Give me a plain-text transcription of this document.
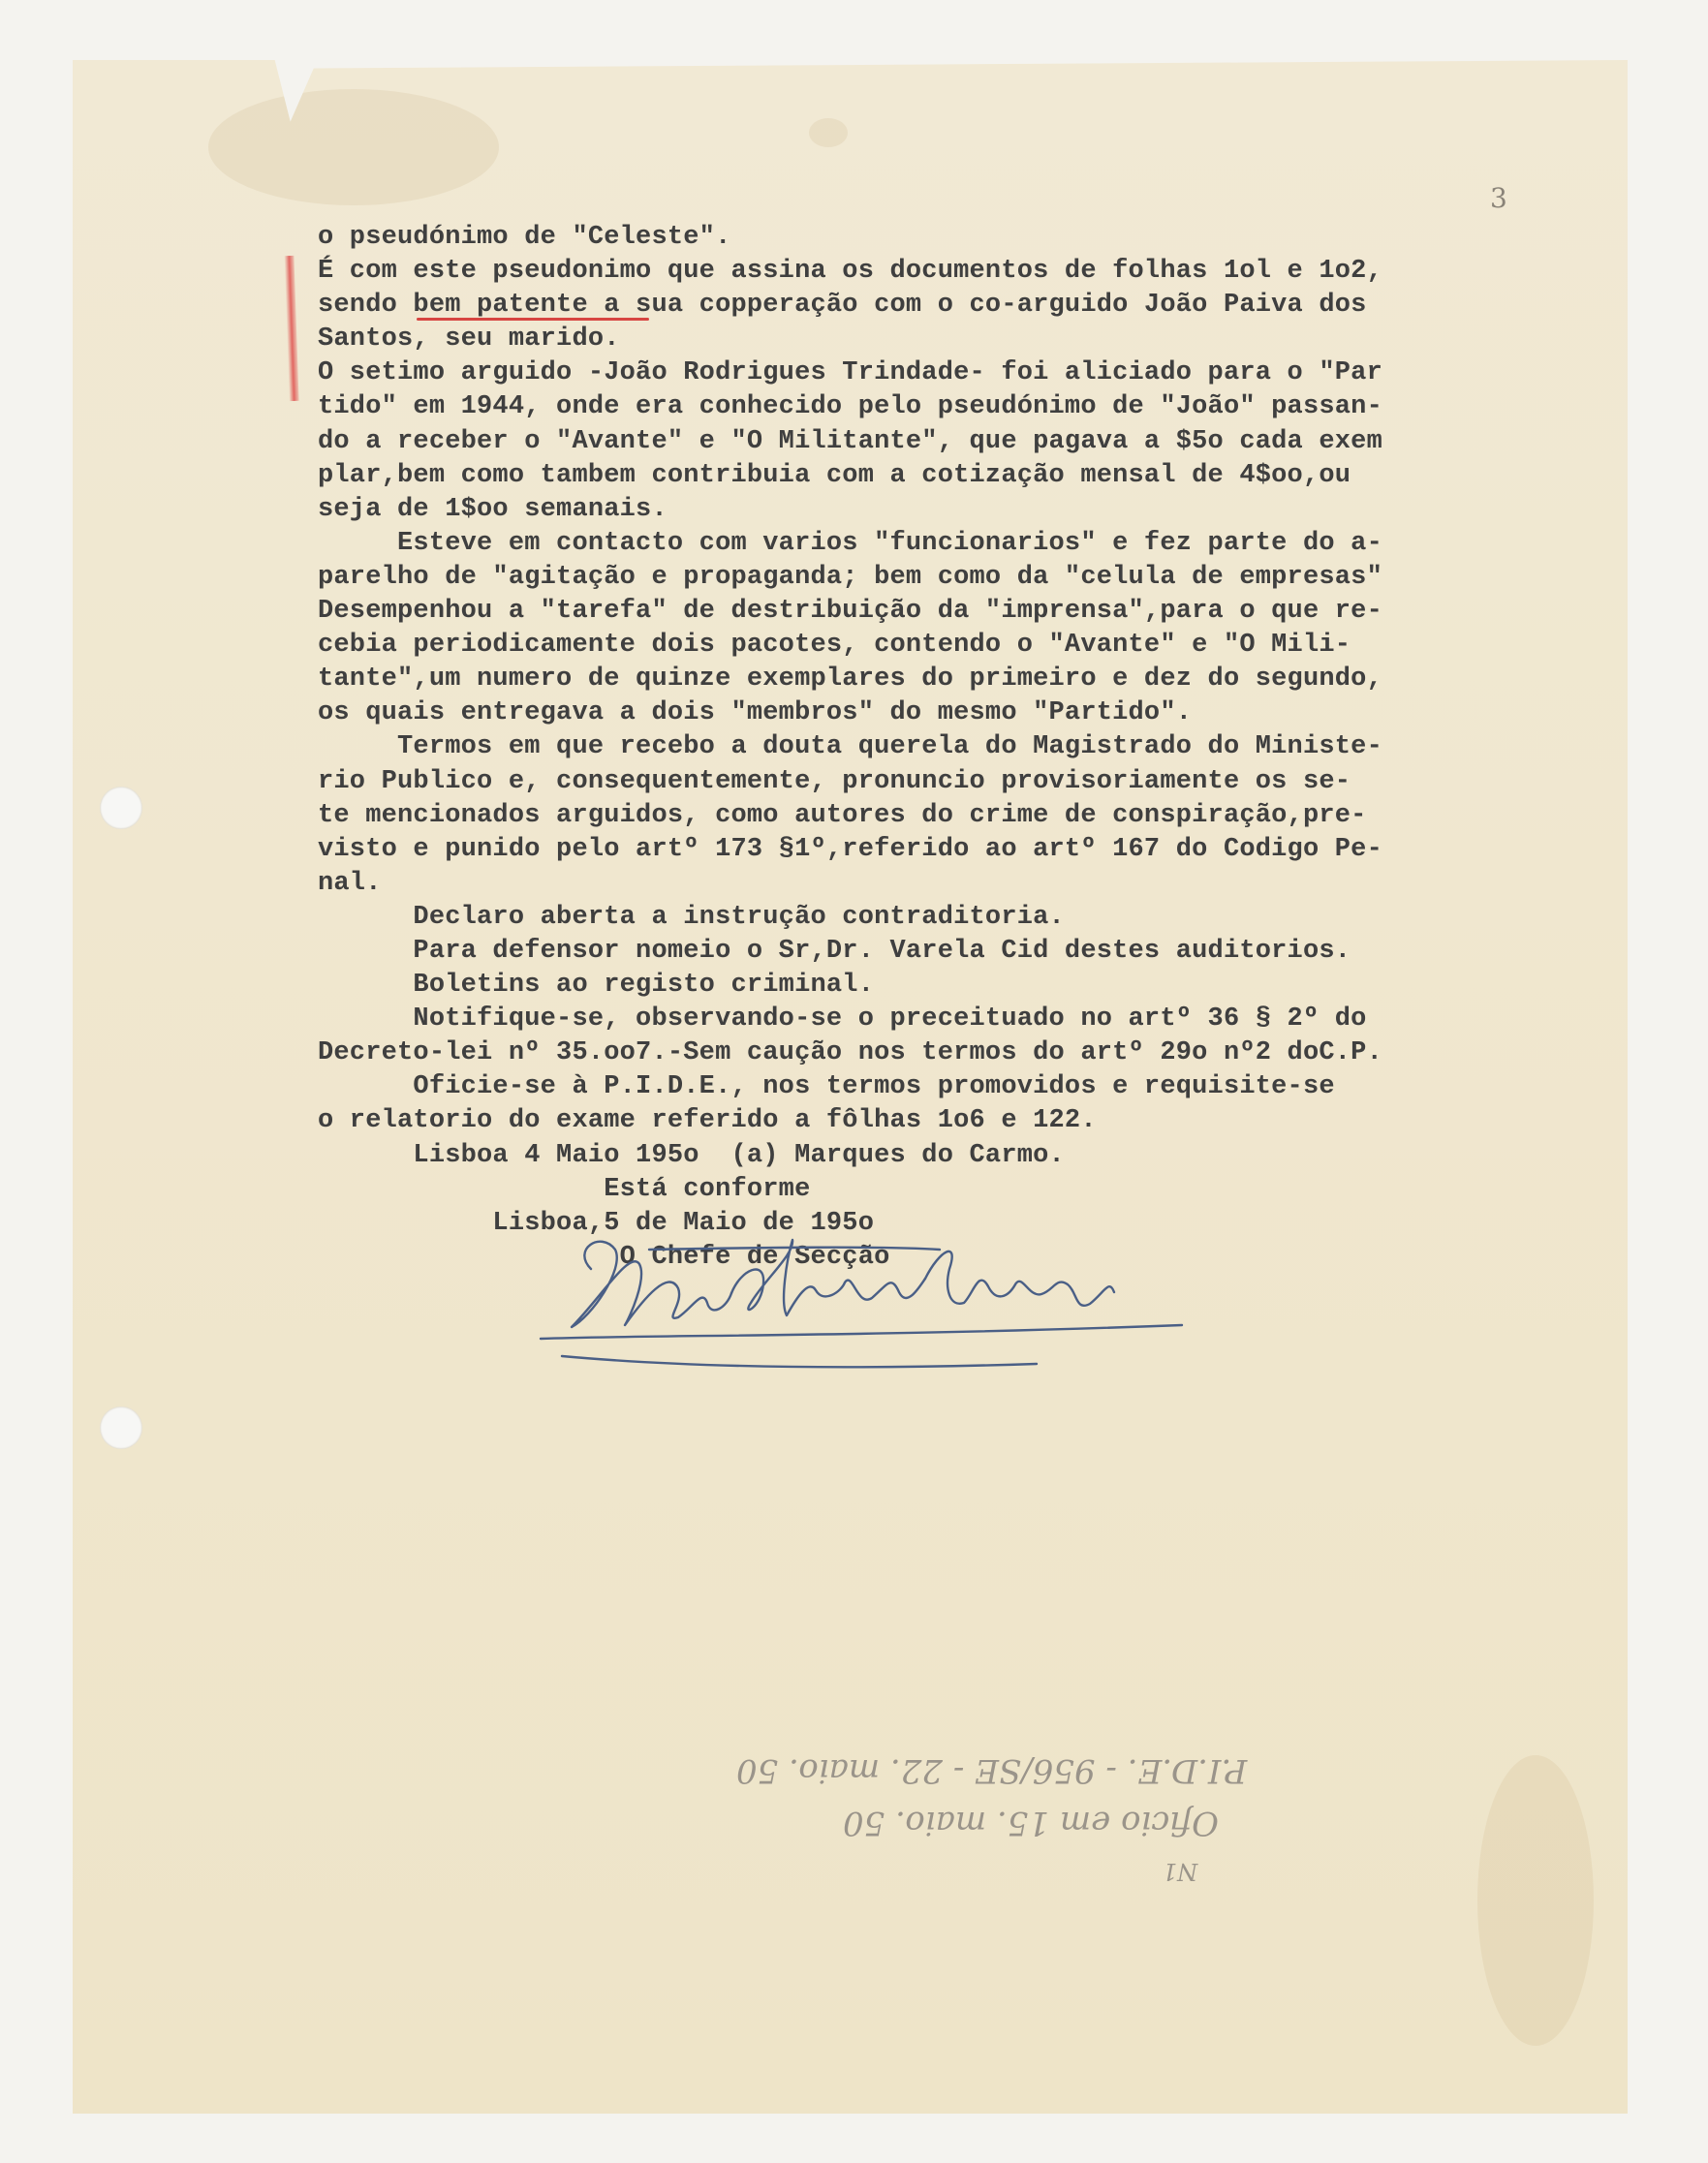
3
o pseudónimo de "Celeste".
É com este pseudonimo que assina os documentos de folhas 1ol e 1o2,
sendo bem patente a sua copperação com o co-arguido João Paiva dos
Santos, seu marido.
O setimo arguido -João Rodrigues Trindade- foi aliciado para o "Par
tido" em 1944, onde era conhecido pelo pseudónimo de "João" passan-
do a receber o "Avante" e "O Militante", que pagava a $5o cada exem
plar,bem como tambem contribuia com a cotização mensal de 4$oo,ou
seja de 1$oo semanais.
Esteve em contacto com varios "funcionarios" e fez parte do a-
parelho de "agitação e propaganda; bem como da "celula de empresas"
Desempenhou a "tarefa" de destribuição da "imprensa",para o que re-
cebia periodicamente dois pacotes, contendo o "Avante" e "O Mili-
tante",um numero de quinze exemplares do primeiro e dez do segundo,
os quais entregava a dois "membros" do mesmo "Partido".
Termos em que recebo a douta querela do Magistrado do Ministe-
rio Publico e, consequentemente, pronuncio provisoriamente os se-
te mencionados arguidos, como autores do crime de conspiração,pre-
visto e punido pelo artº 173 §1º,referido ao artº 167 do Codigo Pe-
nal.
Declaro aberta a instrução contraditoria.
Para defensor nomeio o Sr,Dr. Varela Cid destes auditorios.
Boletins ao registo criminal.
Notifique-se, observando-se o preceituado no artº 36 § 2º do
Decreto-lei nº 35.oo7.-Sem caução nos termos do artº 29o nº2 doC.P.
Oficie-se à P.I.D.E., nos termos promovidos e requisite-se
o relatorio do exame referido a fôlhas 1o6 e 122.
Lisboa 4 Maio 195o  (a) Marques do Carmo.
Está conforme
Lisboa,5 de Maio de 195o
O Chefe de Secção
P.I.D.E. - 956/SE - 22. maio. 50
Oficio em 15. maio. 50
N1
